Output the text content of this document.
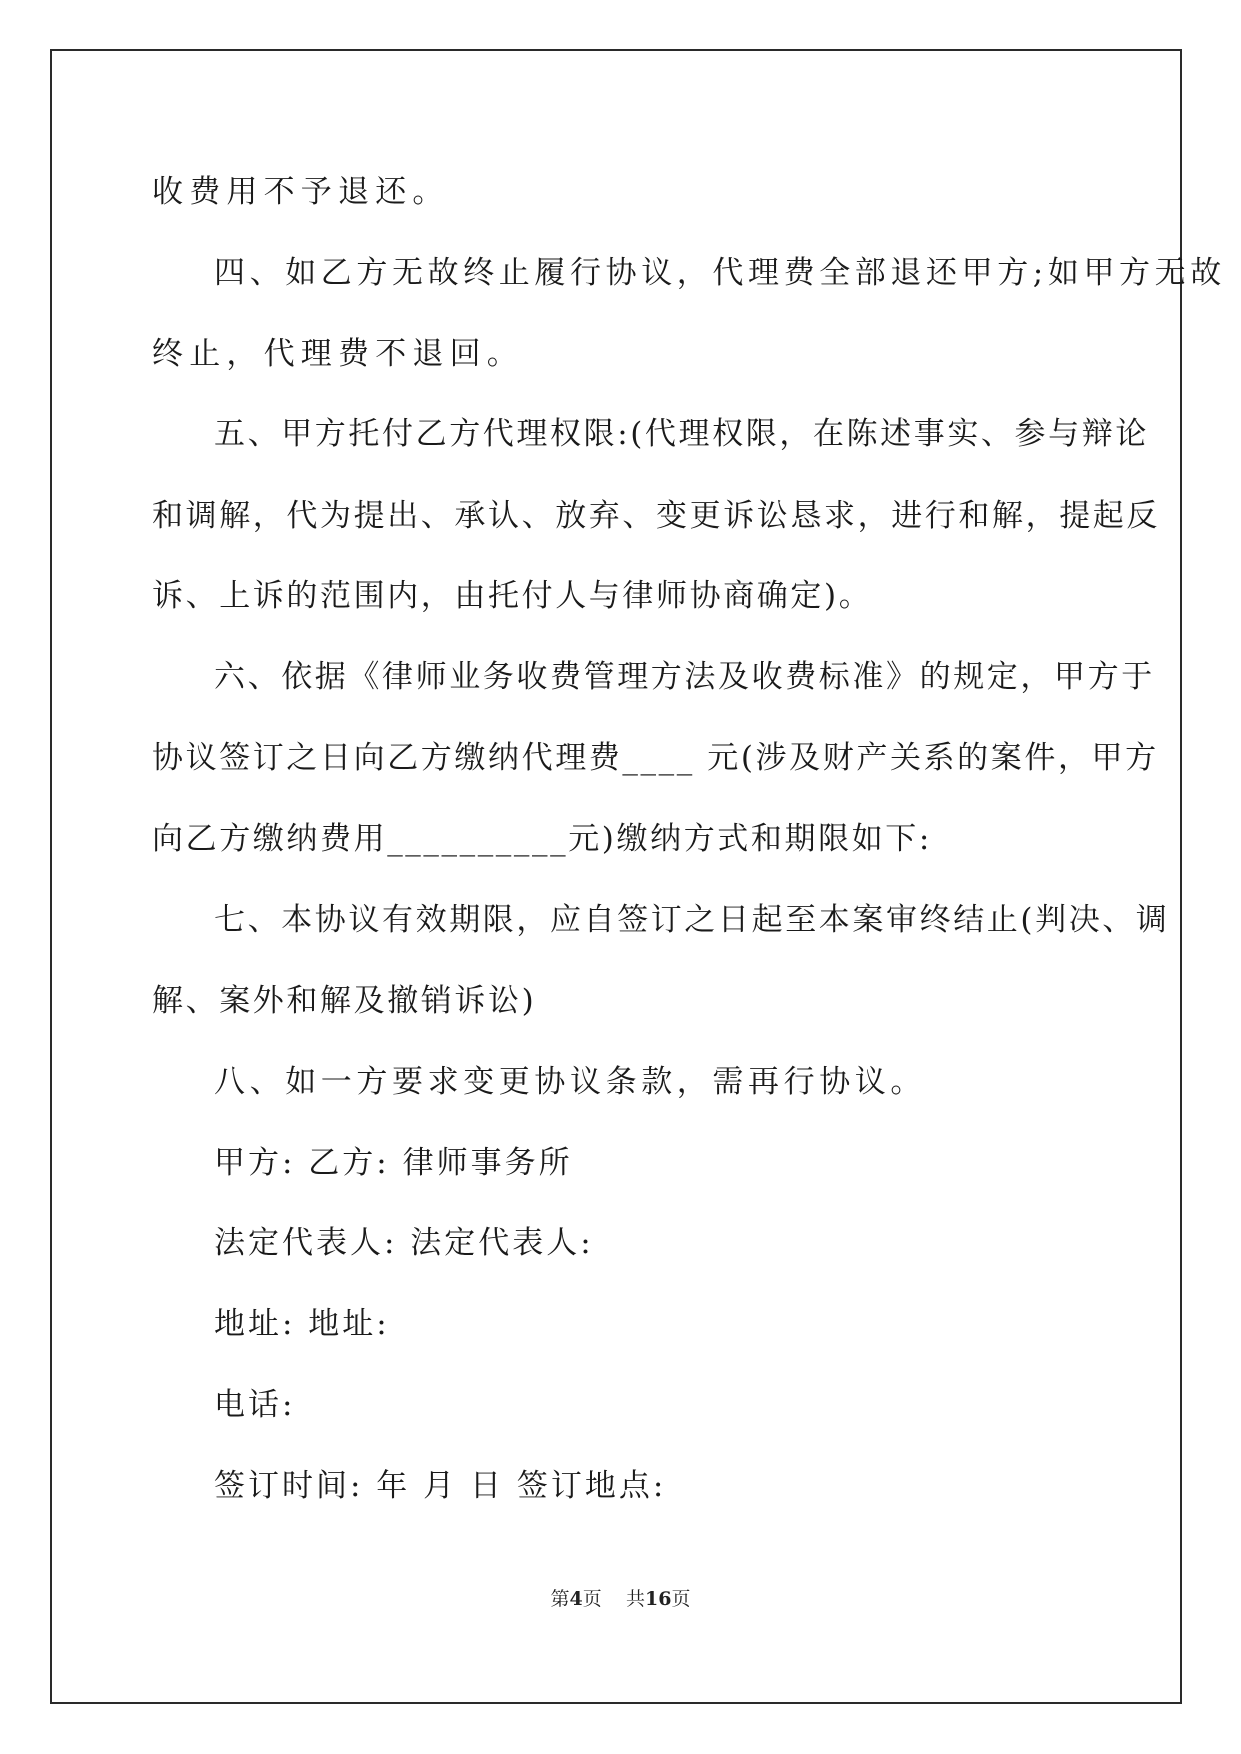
收费用不予退还。
四、如乙方无故终止履行协议，代理费全部退还甲方;如甲方无故
终止，代理费不退回。
五、甲方托付乙方代理权限:(代理权限，在陈述事实、参与辩论
和调解，代为提出、承认、放弃、变更诉讼恳求，进行和解，提起反
诉、上诉的范围内，由托付人与律师协商确定)。
六、依据《律师业务收费管理方法及收费标准》的规定，甲方于
协议签订之日向乙方缴纳代理费____ 元(涉及财产关系的案件，甲方
向乙方缴纳费用__________元)缴纳方式和期限如下:
七、本协议有效期限，应自签订之日起至本案审终结止(判决、调
解、案外和解及撤销诉讼)
八、如一方要求变更协议条款，需再行协议。
甲方: 乙方: 律师事务所
法定代表人: 法定代表人:
地址: 地址:
电话:
签订时间: 年 月 日 签订地点:
第4页 共16页
